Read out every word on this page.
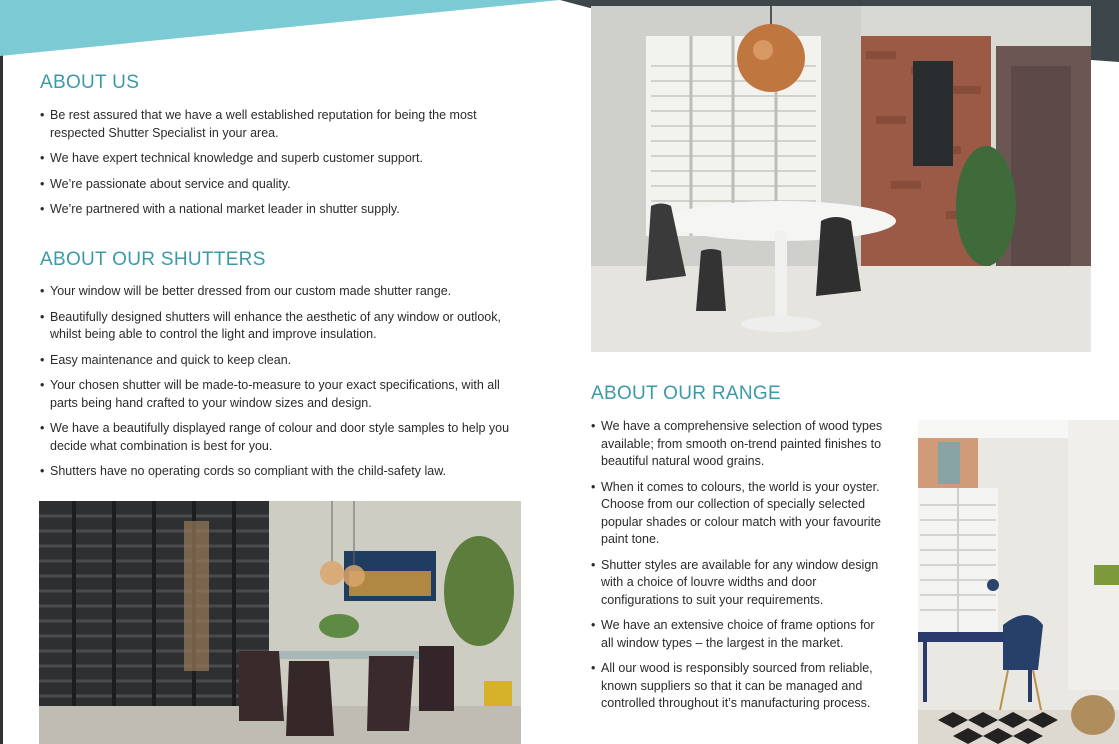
ABOUT US
• Be rest assured that we have a well established reputation for being the most respected Shutter Specialist in your area.
• We have expert technical knowledge and superb customer support.
• We’re passionate about service and quality.
• We’re partnered with a national market leader in shutter supply.
ABOUT OUR SHUTTERS
• Your window will be better dressed from our custom made shutter range.
• Beautifully designed shutters will enhance the aesthetic of any window or outlook, whilst being able to control the light and improve insulation.
• Easy maintenance and quick to keep clean.
• Your chosen shutter will be made-to-measure to your exact specifications, with all parts being hand crafted to your window sizes and design.
• We have a beautifully displayed range of colour and door style samples to help you decide what combination is best for you.
• Shutters have no operating cords so compliant with the child-safety law.
ABOUT OUR RANGE
• We have a comprehensive selection of wood types available; from smooth on-trend painted finishes to beautiful natural wood grains.
• When it comes to colours, the world is your oyster. Choose from our collection of specially selected popular shades or colour match with your favourite paint tone.
• Shutter styles are available for any window design with a choice of louvre widths and door configurations to suit your requirements.
• We have an extensive choice of frame options for all window types – the largest in the market.
• All our wood is responsibly sourced from reliable, known suppliers so that it can be managed and controlled throughout it’s manufacturing process.
